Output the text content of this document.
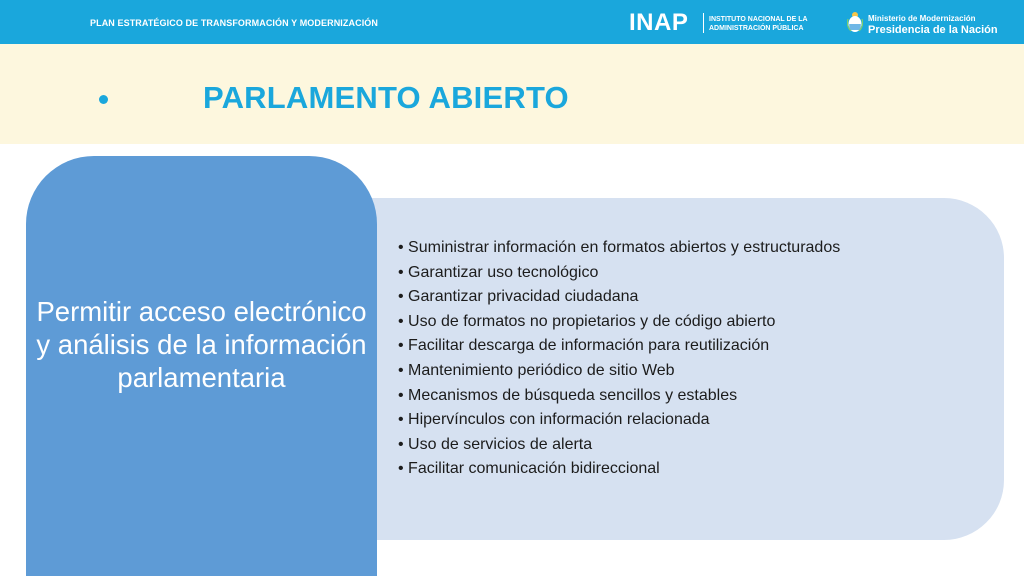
PLAN ESTRATÉGICO DE TRANSFORMACIÓN Y MODERNIZACIÓN	INAP	INSTITUTO NACIONAL DE LA
ADMINISTRACIÓN PÚBLICA
Ministerio de Modernización
Presidencia de la Nación
PARLAMENTO ABIERTO
• Suministrar información en formatos abiertos y estructurados
• Garantizar uso tecnológico
• Garantizar privacidad ciudadana
• Uso de formatos no propietarios y de código abierto
• Facilitar descarga de información para reutilización
• Mantenimiento periódico de sitio Web
• Mecanismos de búsqueda sencillos y estables
• Hipervínculos con información relacionada
• Uso de servicios de alerta
• Facilitar comunicación bidireccional
Permitir acceso electrónico y análisis de la información parlamentaria
